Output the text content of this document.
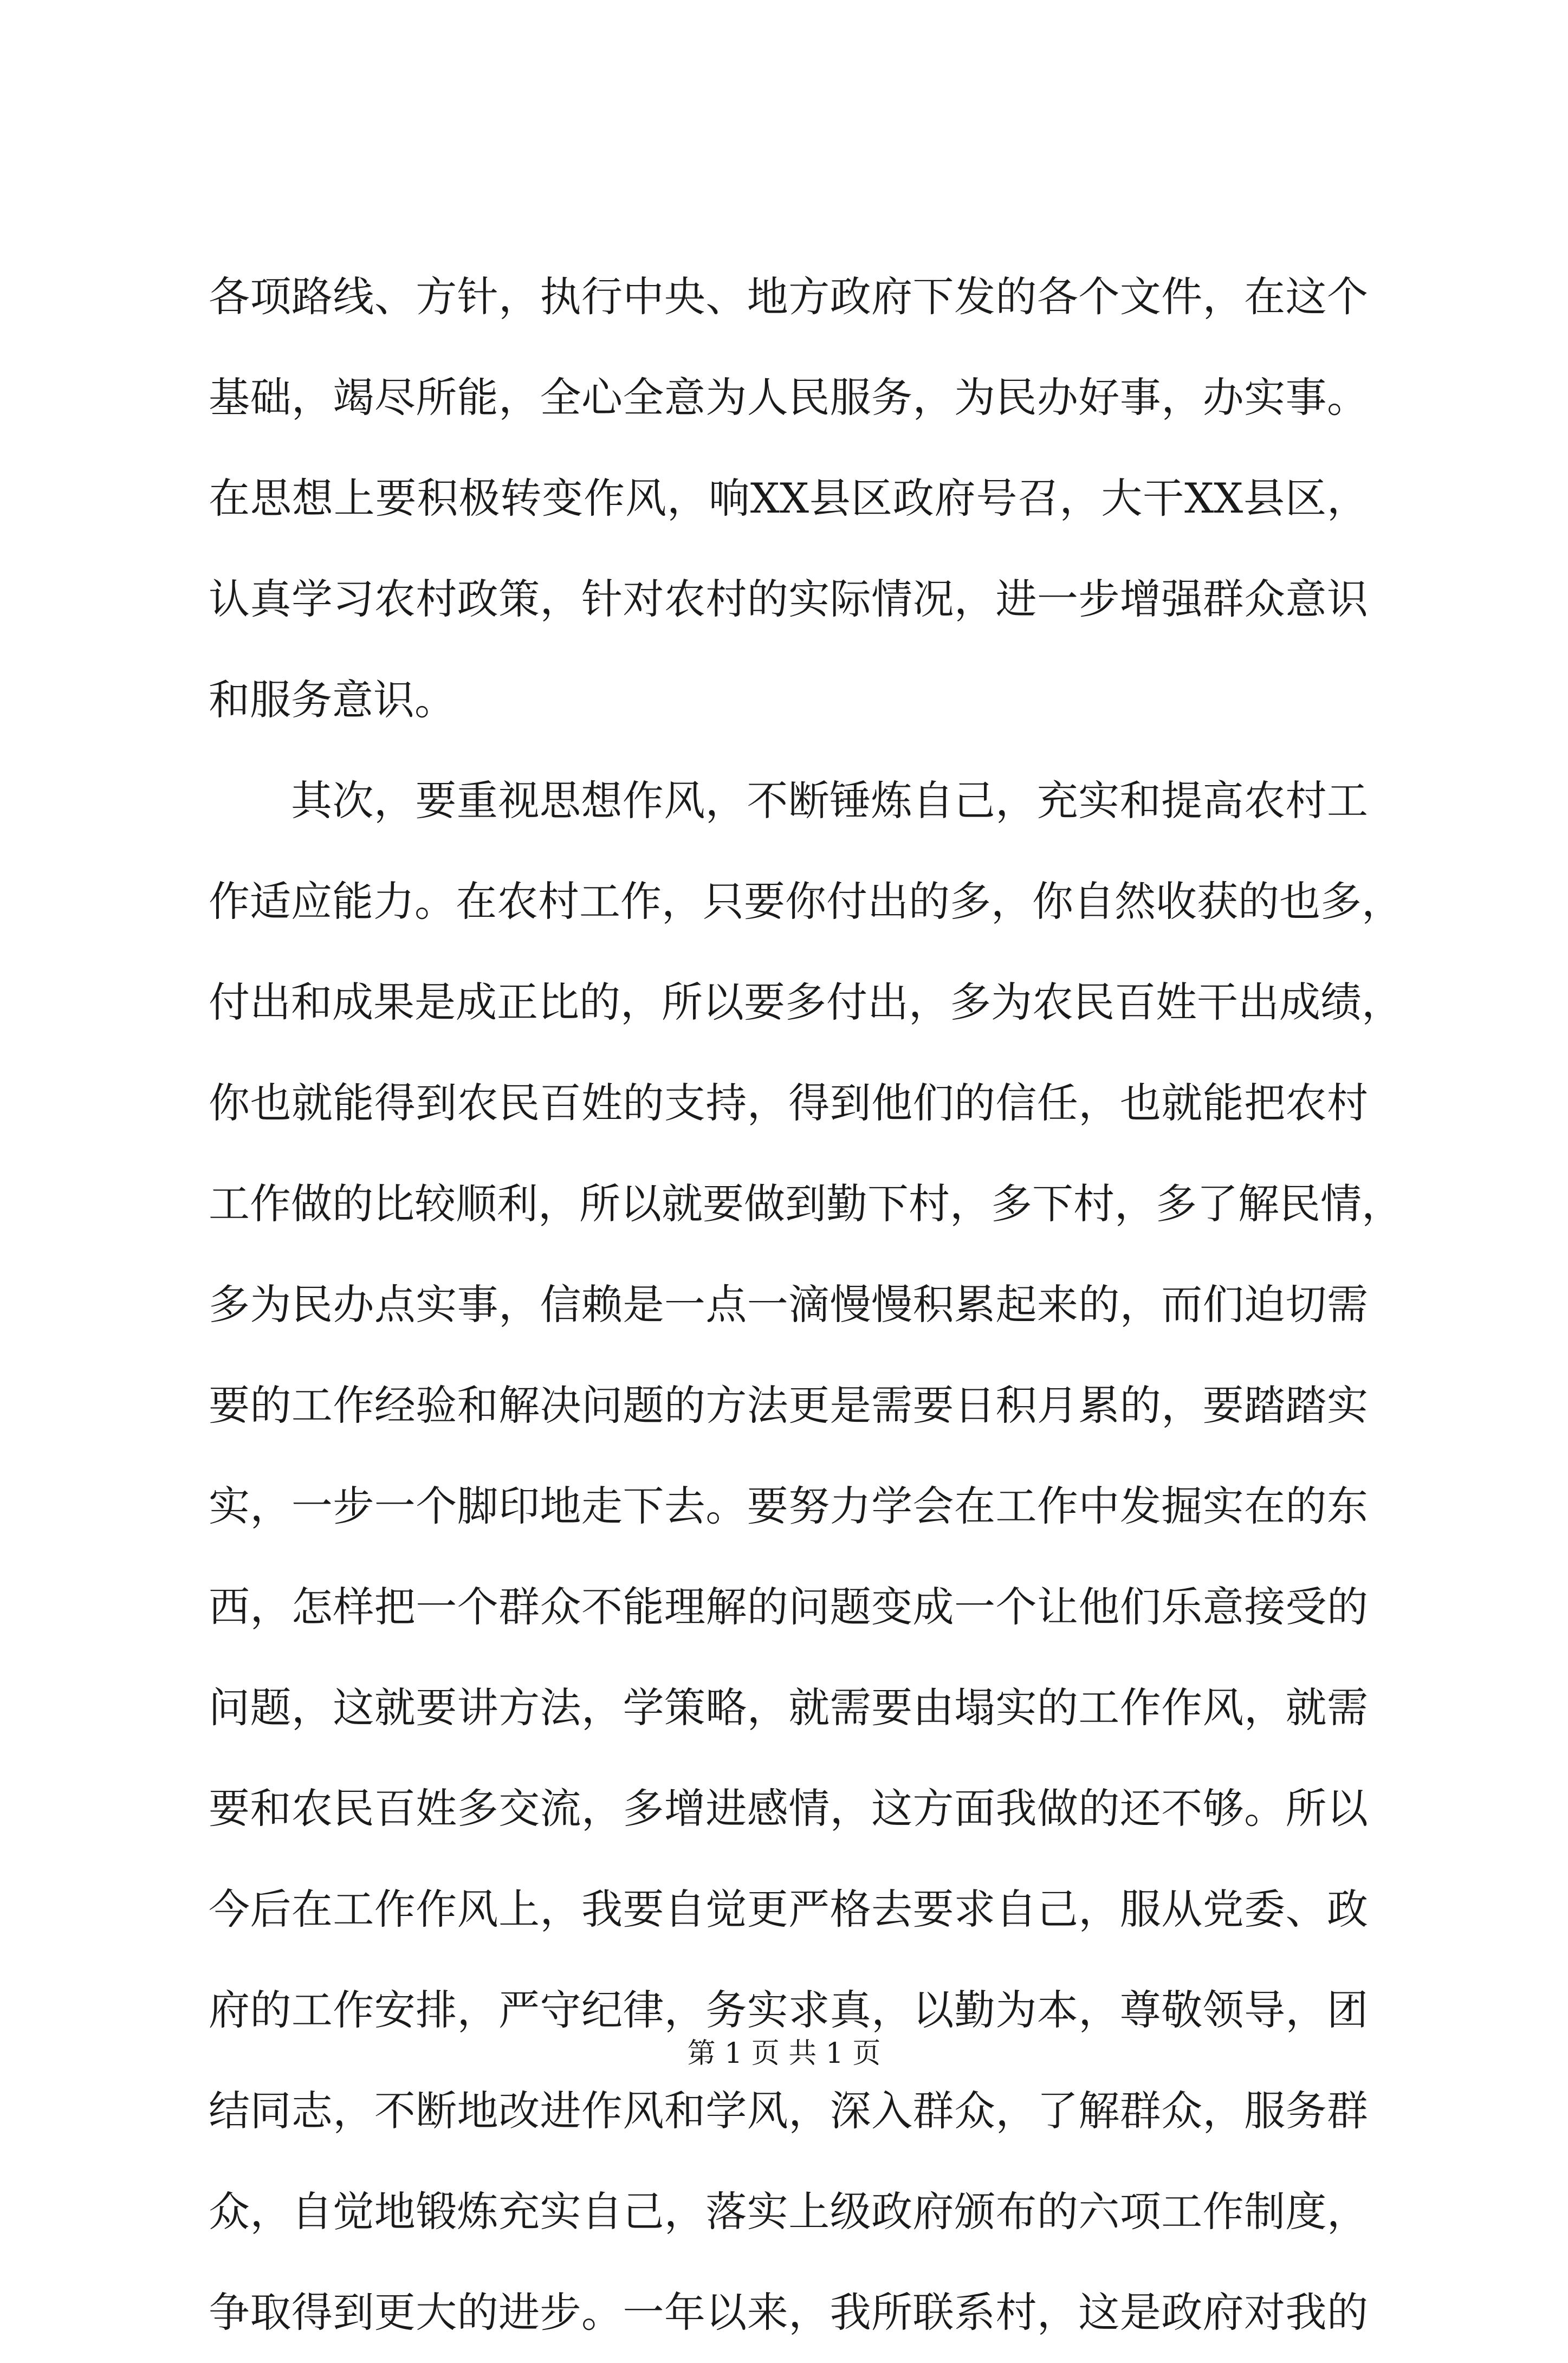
各项路线、方针，执行中央、地方政府下发的各个文件，在这个
基础，竭尽所能，全心全意为人民服务，为民办好事，办实事。
在思想上要积极转变作风，响XX县区政府号召，大干XX县区，
认真学习农村政策，针对农村的实际情况，进一步增强群众意识
和服务意识。
其次，要重视思想作风，不断锤炼自己，充实和提高农村工
作适应能力。在农村工作，只要你付出的多，你自然收获的也多，
付出和成果是成正比的，所以要多付出，多为农民百姓干出成绩，
你也就能得到农民百姓的支持，得到他们的信任，也就能把农村
工作做的比较顺利，所以就要做到勤下村，多下村，多了解民情，
多为民办点实事，信赖是一点一滴慢慢积累起来的，而们迫切需
要的工作经验和解决问题的方法更是需要日积月累的，要踏踏实
实，一步一个脚印地走下去。要努力学会在工作中发掘实在的东
西，怎样把一个群众不能理解的问题变成一个让他们乐意接受的
问题，这就要讲方法，学策略，就需要由塌实的工作作风，就需
要和农民百姓多交流，多增进感情，这方面我做的还不够。所以
今后在工作作风上，我要自觉更严格去要求自己，服从党委、政
府的工作安排，严守纪律，务实求真，以勤为本，尊敬领导，团
结同志，不断地改进作风和学风，深入群众，了解群众，服务群
众，自觉地锻炼充实自己，落实上级政府颁布的六项工作制度，
争取得到更大的进步。一年以来，我所联系村，这是政府对我的
第 1 页 共 1 页
